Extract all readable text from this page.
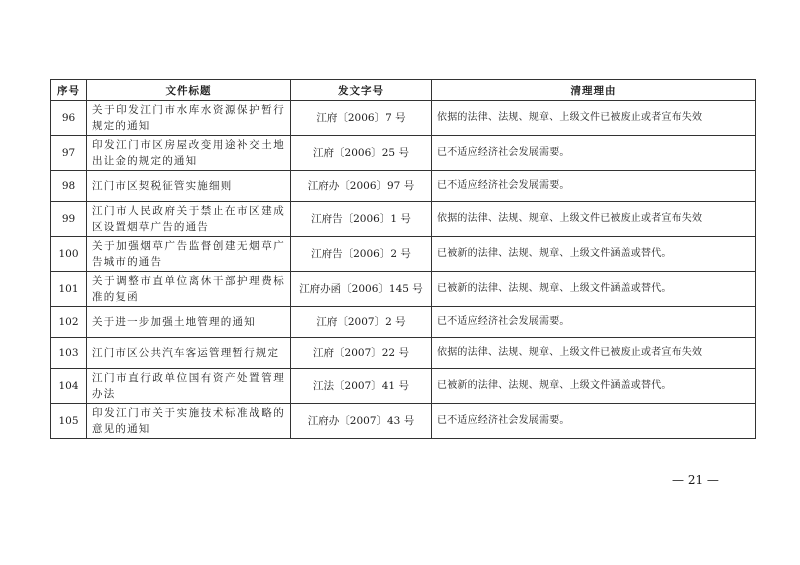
序号	文件标题	发文字号	清理理由
96	关于印发江门市水库水资源保护暂行规定的通知	江府〔2006〕7 号	依据的法律、法规、规章、上级文件已被废止或者宣布失效
97	印发江门市区房屋改变用途补交土地出让金的规定的通知	江府〔2006〕25 号	已不适应经济社会发展需要。
98	江门市区契税征管实施细则	江府办〔2006〕97 号	已不适应经济社会发展需要。
99	江门市人民政府关于禁止在市区建成区设置烟草广告的通告	江府告〔2006〕1 号	依据的法律、法规、规章、上级文件已被废止或者宣布失效
100	关于加强烟草广告监督创建无烟草广告城市的通告	江府告〔2006〕2 号	已被新的法律、法规、规章、上级文件涵盖或替代。
101	关于调整市直单位离休干部护理费标准的复函	江府办函〔2006〕145 号	已被新的法律、法规、规章、上级文件涵盖或替代。
102	关于进一步加强土地管理的通知	江府〔2007〕2 号	已不适应经济社会发展需要。
103	江门市区公共汽车客运管理暂行规定	江府〔2007〕22 号	依据的法律、法规、规章、上级文件已被废止或者宣布失效
104	江门市直行政单位国有资产处置管理办法	江法〔2007〕41 号	已被新的法律、法规、规章、上级文件涵盖或替代。
105	印发江门市关于实施技术标准战略的意见的通知	江府办〔2007〕43 号	已不适应经济社会发展需要。
— 21 —
